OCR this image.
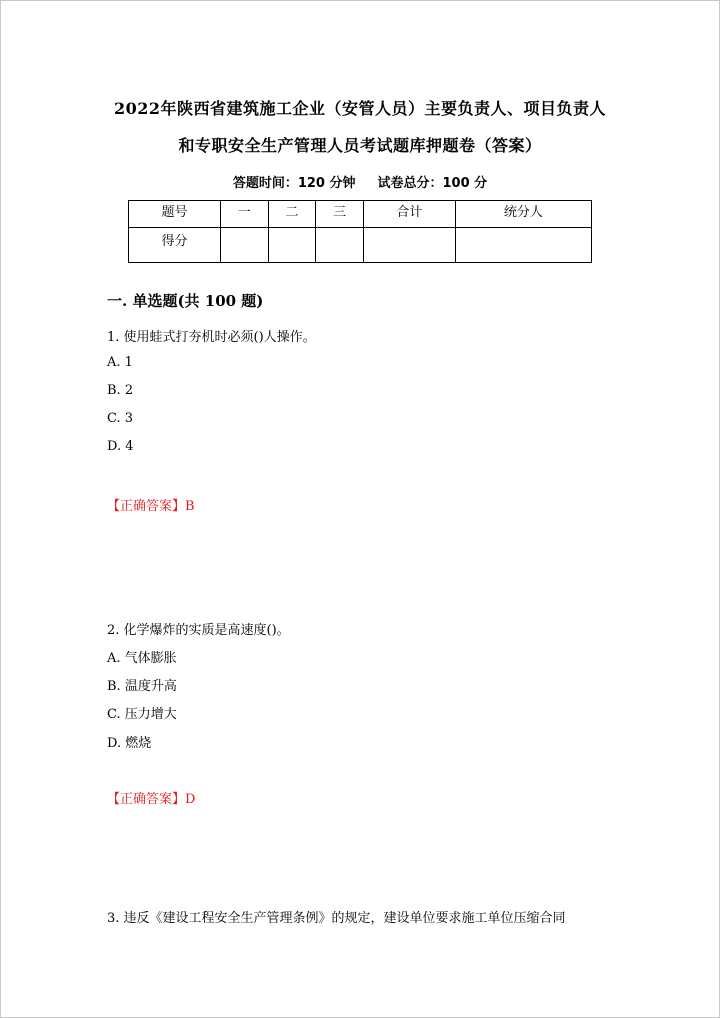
2022年陕西省建筑施工企业（安管人员）主要负责人、项目负责人
和专职安全生产管理人员考试题库押题卷（答案）
答题时间：120 分钟 试卷总分：100 分
题号	一	二	三	合计	统分人
得分					
一. 单选题(共 100 题)
1. 使用蛙式打夯机时必须()人操作。
A. 1
B. 2
C. 3
D. 4
【正确答案】B
2. 化学爆炸的实质是高速度()。
A. 气体膨胀
B. 温度升高
C. 压力增大
D. 燃烧
【正确答案】D
3. 违反《建设工程安全生产管理条例》的规定，建设单位要求施工单位压缩合同
